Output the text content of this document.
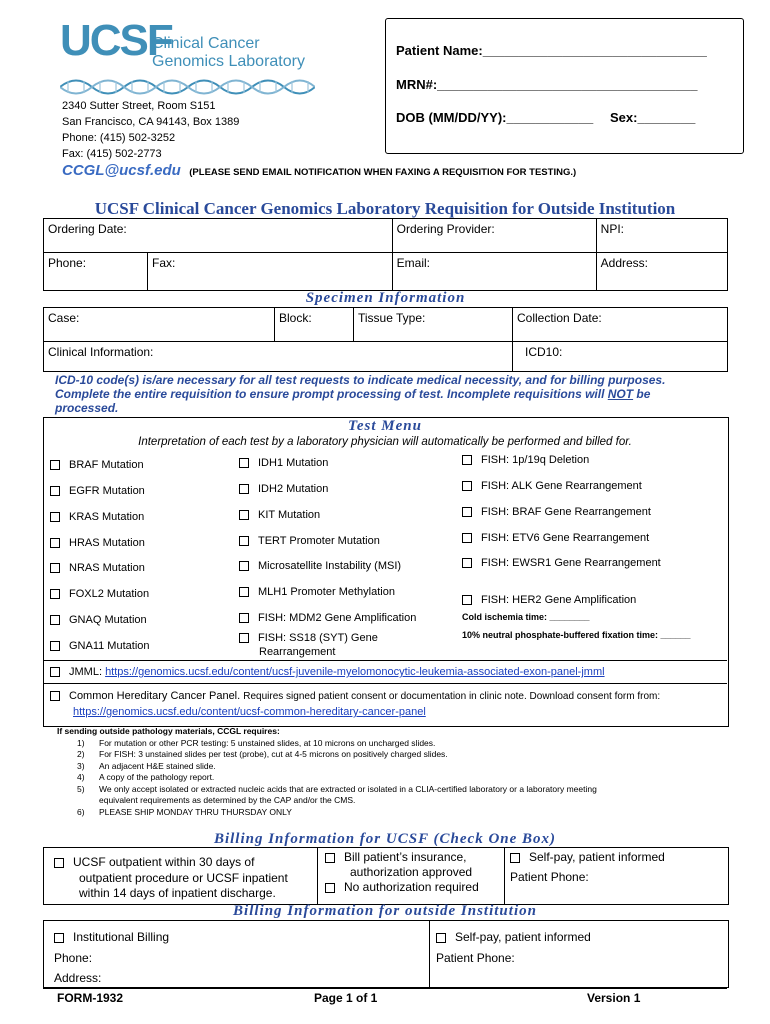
UCSF
Clinical Cancer
Genomics Laboratory
2340 Sutter Street, Room S151
San Francisco, CA 94143, Box 1389
Phone: (415) 502-3252
Fax: (415) 502-2773
CCGL@ucsf.edu (PLEASE SEND EMAIL NOTIFICATION WHEN FAXING A REQUISITION FOR TESTING.)
Patient Name:_______________________________
MRN#:____________________________________
DOB (MM/DD/YY):____________ Sex:________
UCSF Clinical Cancer Genomics Laboratory Requisition for Outside Institution
Ordering Date:		Ordering Provider:	NPI:
Phone:	Fax:	Email:	Address:
Specimen Information
Case:	Block:	Tissue Type:	Collection Date:
Clinical Information:			ICD10:
ICD-10 code(s) is/are necessary for all test requests to indicate medical necessity, and for billing purposes.
Complete the entire requisition to ensure prompt processing of test. Incomplete requisitions will NOT be
processed.
Test Menu
Interpretation of each test by a laboratory physician will automatically be performed and billed for.
BRAF Mutation
EGFR Mutation
KRAS Mutation
HRAS Mutation
NRAS Mutation
FOXL2 Mutation
GNAQ Mutation
GNA11 Mutation
IDH1 Mutation
IDH2 Mutation
KIT Mutation
TERT Promoter Mutation
Microsatellite Instability (MSI)
MLH1 Promoter Methylation
FISH: MDM2 Gene Amplification
FISH: SS18 (SYT) Gene
Rearrangement
FISH: 1p/19q Deletion
FISH: ALK Gene Rearrangement
FISH: BRAF Gene Rearrangement
FISH: ETV6 Gene Rearrangement
FISH: EWSR1 Gene Rearrangement
FISH: HER2 Gene Amplification
Cold ischemia time: ________
10% neutral phosphate-buffered fixation time: ______
JMML: https://genomics.ucsf.edu/content/ucsf-juvenile-myelomonocytic-leukemia-associated-exon-panel-jmml
Common Hereditary Cancer Panel. Requires signed patient consent or documentation in clinic note. Download consent form from:
https://genomics.ucsf.edu/content/ucsf-common-hereditary-cancer-panel
If sending outside pathology materials, CCGL requires:
1) For mutation or other PCR testing: 5 unstained slides, at 10 microns on uncharged slides.
2) For FISH: 3 unstained slides per test (probe), cut at 4-5 microns on positively charged slides.
3) An adjacent H&E stained slide.
4) A copy of the pathology report.
5) We only accept isolated or extracted nucleic acids that are extracted or isolated in a CLIA-certified laboratory or a laboratory meeting
equivalent requirements as determined by the CAP and/or the CMS.
6) PLEASE SHIP MONDAY THRU THURSDAY ONLY
Billing Information for UCSF (Check One Box)
UCSF outpatient within 30 days of
outpatient procedure or UCSF inpatient
within 14 days of inpatient discharge.
Bill patient’s insurance,
authorization approved
No authorization required
Self-pay, patient informed
Patient Phone:
Billing Information for outside Institution
Institutional Billing
Phone:
Address:
Self-pay, patient informed
Patient Phone:
FORM-1932	Page 1 of 1	Version 1
